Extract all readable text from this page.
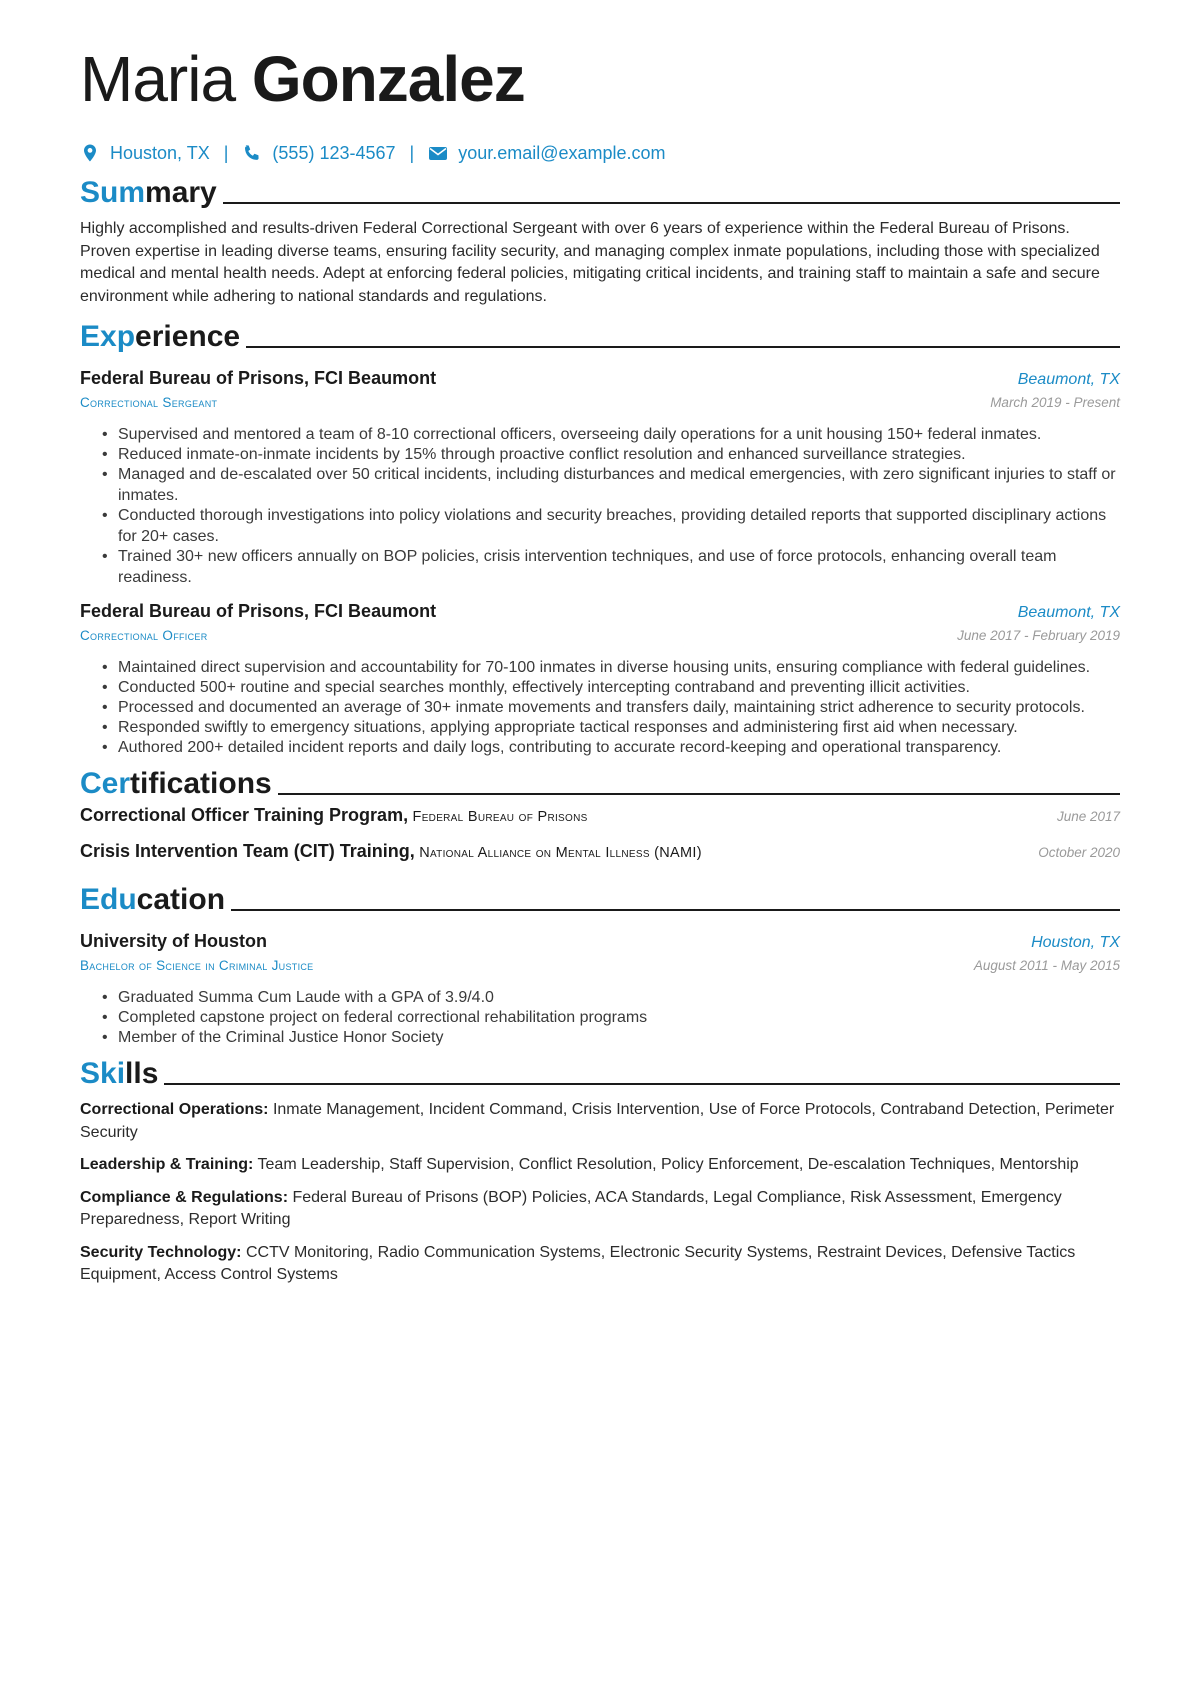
Maria Gonzalez
Houston, TX | (555) 123-4567 | your.email@example.com
Summary
Highly accomplished and results-driven Federal Correctional Sergeant with over 6 years of experience within the Federal Bureau of Prisons. Proven expertise in leading diverse teams, ensuring facility security, and managing complex inmate populations, including those with specialized medical and mental health needs. Adept at enforcing federal policies, mitigating critical incidents, and training staff to maintain a safe and secure environment while adhering to national standards and regulations.
Experience
Federal Bureau of Prisons, FCI Beaumont	Beaumont, TX
Correctional Sergeant	March 2019 - Present
• Supervised and mentored a team of 8-10 correctional officers, overseeing daily operations for a unit housing 150+ federal inmates.
• Reduced inmate-on-inmate incidents by 15% through proactive conflict resolution and enhanced surveillance strategies.
• Managed and de-escalated over 50 critical incidents, including disturbances and medical emergencies, with zero significant injuries to staff or inmates.
• Conducted thorough investigations into policy violations and security breaches, providing detailed reports that supported disciplinary actions for 20+ cases.
• Trained 30+ new officers annually on BOP policies, crisis intervention techniques, and use of force protocols, enhancing overall team readiness.
Federal Bureau of Prisons, FCI Beaumont	Beaumont, TX
Correctional Officer	June 2017 - February 2019
• Maintained direct supervision and accountability for 70-100 inmates in diverse housing units, ensuring compliance with federal guidelines.
• Conducted 500+ routine and special searches monthly, effectively intercepting contraband and preventing illicit activities.
• Processed and documented an average of 30+ inmate movements and transfers daily, maintaining strict adherence to security protocols.
• Responded swiftly to emergency situations, applying appropriate tactical responses and administering first aid when necessary.
• Authored 200+ detailed incident reports and daily logs, contributing to accurate record-keeping and operational transparency.
Certifications
Correctional Officer Training Program, Federal Bureau of Prisons	June 2017
Crisis Intervention Team (CIT) Training, National Alliance on Mental Illness (NAMI)	October 2020
Education
University of Houston	Houston, TX
Bachelor of Science in Criminal Justice	August 2011 - May 2015
• Graduated Summa Cum Laude with a GPA of 3.9/4.0
• Completed capstone project on federal correctional rehabilitation programs
• Member of the Criminal Justice Honor Society
Skills
Correctional Operations: Inmate Management, Incident Command, Crisis Intervention, Use of Force Protocols, Contraband Detection, Perimeter Security
Leadership & Training: Team Leadership, Staff Supervision, Conflict Resolution, Policy Enforcement, De-escalation Techniques, Mentorship
Compliance & Regulations: Federal Bureau of Prisons (BOP) Policies, ACA Standards, Legal Compliance, Risk Assessment, Emergency Preparedness, Report Writing
Security Technology: CCTV Monitoring, Radio Communication Systems, Electronic Security Systems, Restraint Devices, Defensive Tactics Equipment, Access Control Systems
